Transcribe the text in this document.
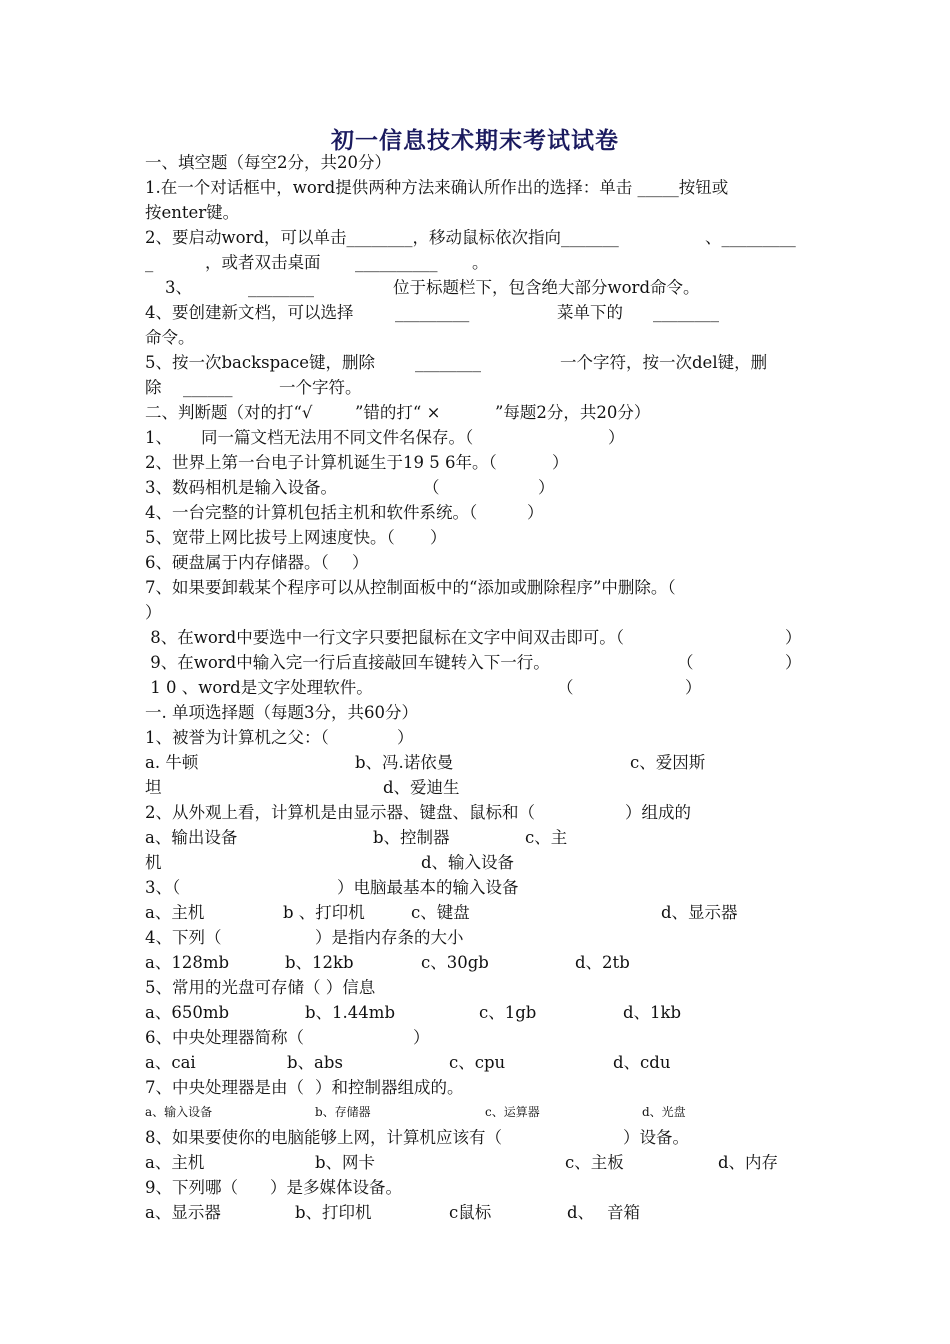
初一信息技术期末考试试卷
一、填空题（每空2分，共20分）
1.在一个对话框中，word提供两种方法来确认所作出的选择：单击 _____按钮或
按enter键。
2、要启动word，可以单击________，移动鼠标依次指向_______	、_________
_	，或者双击桌面 __________ 。
3、	________	位于标题栏下，包含绝大部分word命令。
4、要创建新文档，可以选择	_________	菜单下的 ________
命令。
5、按一次backspace键，删除 ________	一个字符，按一次del键，删
除 ______	一个字符。
二、判断题（对的打“√	”错的打“ ×	”每题2分，共20分）
1、 同一篇文档无法用不同文件名保存。（	）
2、世界上第一台电子计算机诞生于19 5 6年。（	）
3、数码相机是输入设备。	（	）
4、一台完整的计算机包括主机和软件系统。（	）
5、宽带上网比拔号上网速度快。（ ）
6、硬盘属于内存储器。（ ）
7、如果要卸载某个程序可以从控制面板中的“添加或删除程序”中删除。（
）
8、在word中要选中一行文字只要把鼠标在文字中间双击即可。（	）
9、在word中输入完一行后直接敲回车键转入下一行。	（	）
1 0 、word是文字处理软件。	（	）
一. 单项选择题（每题3分，共60分）
1、被誉为计算机之父：（	）
a. 牛顿	b、冯.诺依曼	c、爱因斯
坦	d、爱迪生
2、从外观上看，计算机是由显示器、键盘、鼠标和（	）组成的
a、输出设备	b、控制器	c、主
机	d、输入设备
3、（	）电脑最基本的输入设备
a、主机	b 、打印机	c、键盘	d、显示器
4、下列（	）是指内存条的大小
a、128mb	b、12kb	c、30gb	d、2tb
5、常用的光盘可存储（ ）信息
a、650mb	b、1.44mb	c、1gb	d、1kb
6、中央处理器简称（	）
a、cai	b、abs	c、cpu	d、cdu
7、中央处理器是由（ ）和控制器组成的。
a、输入设备	b、存储器	c、运算器	d、光盘
8、如果要使你的电脑能够上网，计算机应该有（	）设备。
a、主机	b、网卡	c、主板	d、内存
9、下列哪（ ）是多媒体设备。
a、显示器	b、打印机	c鼠标	d、 音箱
